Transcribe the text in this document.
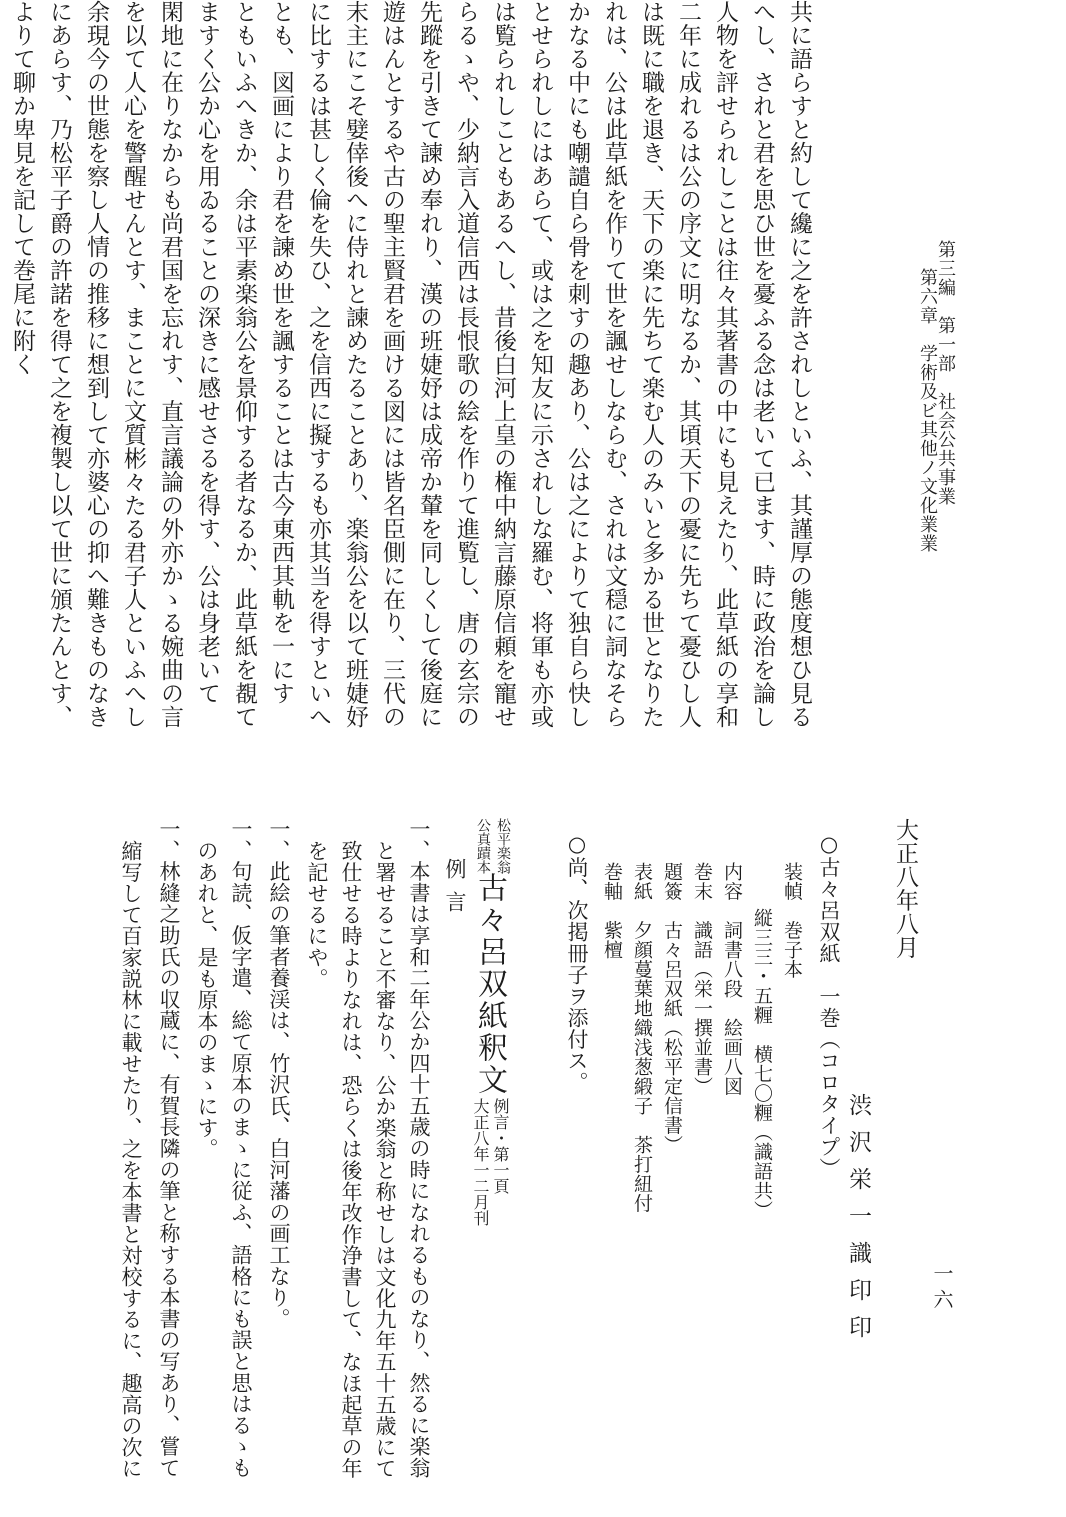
第三編　第一部　社会公共事業
第六章　学術及ビ其他ノ文化業業
共に語らすと約して纔に之を許されしといふ、其謹厚の態度想ひ見る
へし、されと君を思ひ世を憂ふる念は老いて已ます、時に政治を論し
人物を評せられしことは往々其著書の中にも見えたり、此草紙の享和
二年に成れるは公の序文に明なるか、其頃天下の憂に先ちて憂ひし人
は既に職を退き、天下の楽に先ちて楽む人のみいと多かる世となりた
れは、公は此草紙を作りて世を諷せしならむ、されは文穏に詞なそら
かなる中にも嘲譴自ら骨を刺すの趣あり、公は之によりて独自ら快し
とせられしにはあらて、或は之を知友に示されしな羅む、将軍も亦或
は覧られしこともあるへし、昔後白河上皇の権中納言藤原信頼を寵せ
らるゝや、少納言入道信西は長恨歌の絵を作りて進覧し、唐の玄宗の
先蹤を引きて諫め奉れり、漢の班婕妤は成帝か輦を同しくして後庭に
遊はんとするや古の聖主賢君を画ける図には皆名臣側に在り、三代の
末主にこそ嬖倖後へに侍れと諫めたることあり、楽翁公を以て班婕妤
に比するは甚しく倫を失ひ、之を信西に擬するも亦其当を得すといへ
とも、図画により君を諫め世を諷することは古今東西其軌を一にす
ともいふへきか、余は平素楽翁公を景仰する者なるか、此草紙を覩て
ますく公か心を用ゐることの深きに感せさるを得す、公は身老いて
閑地に在りなからも尚君国を忘れす、直言議論の外亦かゝる婉曲の言
を以て人心を警醒せんとす、まことに文質彬々たる君子人といふへし
余現今の世態を察し人情の推移に想到して亦婆心の抑へ難きものなき
にあらす、乃松平子爵の許諾を得て之を複製し以て世に頒たんとす、
よりて聊か卑見を記して巻尾に附く
一六
大正八年八月
渋沢栄一識印印
○古々呂双紙　一巻（コロタイプ）
装幀　巻子本
縦三三・五糎　横七〇糎（識語共）
内容　詞書八段　絵画八図
巻末　識語（栄一撰並書）
題簽　古々呂双紙（松平定信書）
表紙　夕顔蔓葉地織浅葱緞子　茶打紐付
巻軸　紫檀
○尚、次掲冊子ヲ添付ス。
松平楽翁
公真蹟本
古々呂双紙釈文
例言・第一頁
大正八年一二月刊
例言
一、本書は享和二年公か四十五歳の時になれるものなり、然るに楽翁
と署せること不審なり、公か楽翁と称せしは文化九年五十五歳にて
致仕せる時よりなれは、恐らくは後年改作浄書して、なほ起草の年
を記せるにや。
一、此絵の筆者養渓は、竹沢氏、白河藩の画工なり。
一、句読、仮字遣、総て原本のまゝに従ふ、語格にも誤と思はるゝも
のあれと、是も原本のまゝにす。
一、林縫之助氏の収蔵に、有賀長隣の筆と称する本書の写あり、嘗て
縮写して百家説林に載せたり、之を本書と対校するに、趣高の次に
